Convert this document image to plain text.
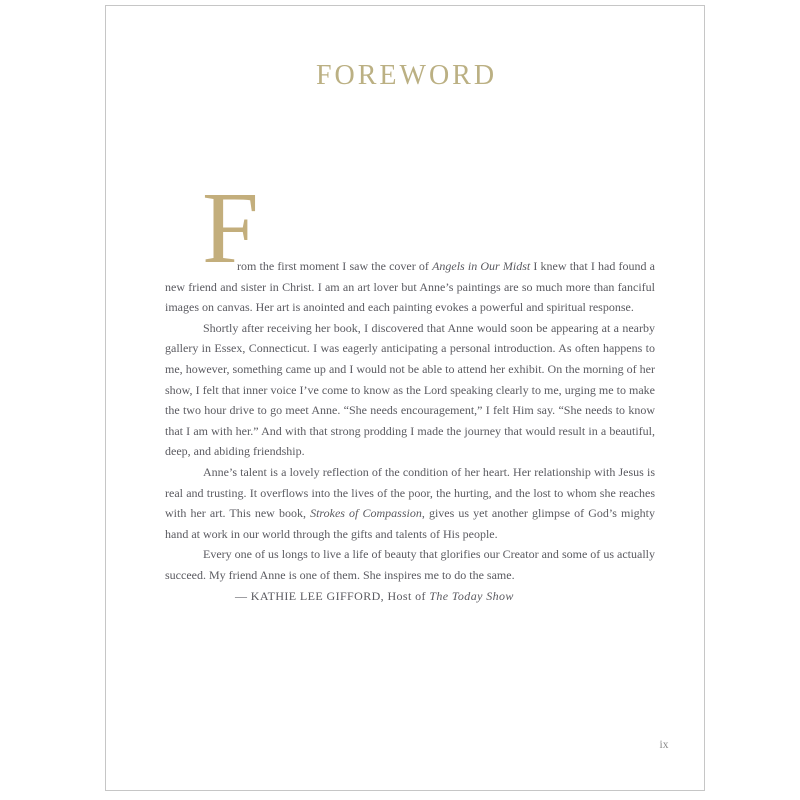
FOREWORD
F

rom the first moment I saw the cover of Angels in Our Midst I knew that I had found a new friend and sister in Christ. I am an art lover but Anne’s paintings are so much more than fanciful images on canvas. Her art is anointed and each painting evokes a powerful and spiritual response.

Shortly after receiving her book, I discovered that Anne would soon be appearing at a nearby gallery in Essex, Connecticut. I was eagerly anticipating a personal introduction. As often happens to me, however, something came up and I would not be able to attend her exhibit. On the morning of her show, I felt that inner voice I’ve come to know as the Lord speaking clearly to me, urging me to make the two hour drive to go meet Anne. “She needs encouragement,” I felt Him say. “She needs to know that I am with her.” And with that strong prodding I made the journey that would result in a beautiful, deep, and abiding friendship.

Anne’s talent is a lovely reflection of the condition of her heart. Her relationship with Jesus is real and trusting. It overflows into the lives of the poor, the hurting, and the lost to whom she reaches with her art. This new book, Strokes of Compassion, gives us yet another glimpse of God’s mighty hand at work in our world through the gifts and talents of His people.

Every one of us longs to live a life of beauty that glorifies our Creator and some of us actually succeed. My friend Anne is one of them. She inspires me to do the same.

— KATHIE LEE GIFFORD, Host of The Today Show

ix
